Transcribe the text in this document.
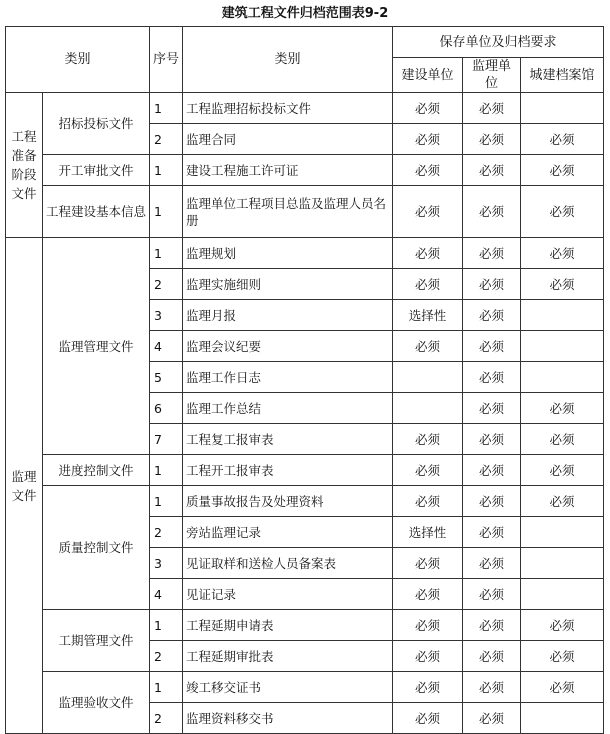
建筑工程文件归档范围表9-2
类别		序号	类别	保存单位及归档要求		
				建设单位	监理单位	城建档案馆
工程准备阶段文件	招标投标文件	1	工程监理招标投标文件	必须	必须	
		2	监理合同	必须	必须	必须
	开工审批文件	1	建设工程施工许可证	必须	必须	必须
	工程建设基本信息	1	监理单位工程项目总监及监理人员名册	必须	必须	必须
监理文件	监理管理文件	1	监理规划	必须	必须	必须
		2	监理实施细则	必须	必须	必须
		3	监理月报	选择性	必须	
		4	监理会议纪要	必须	必须	
		5	监理工作日志		必须	
		6	监理工作总结		必须	必须
		7	工程复工报审表	必须	必须	必须
	进度控制文件	1	工程开工报审表	必须	必须	必须
	质量控制文件	1	质量事故报告及处理资料	必须	必须	必须
		2	旁站监理记录	选择性	必须	
		3	见证取样和送检人员备案表	必须	必须	
		4	见证记录	必须	必须	
	工期管理文件	1	工程延期申请表	必须	必须	必须
		2	工程延期审批表	必须	必须	必须
	监理验收文件	1	竣工移交证书	必须	必须	必须
		2	监理资料移交书	必须	必须	
